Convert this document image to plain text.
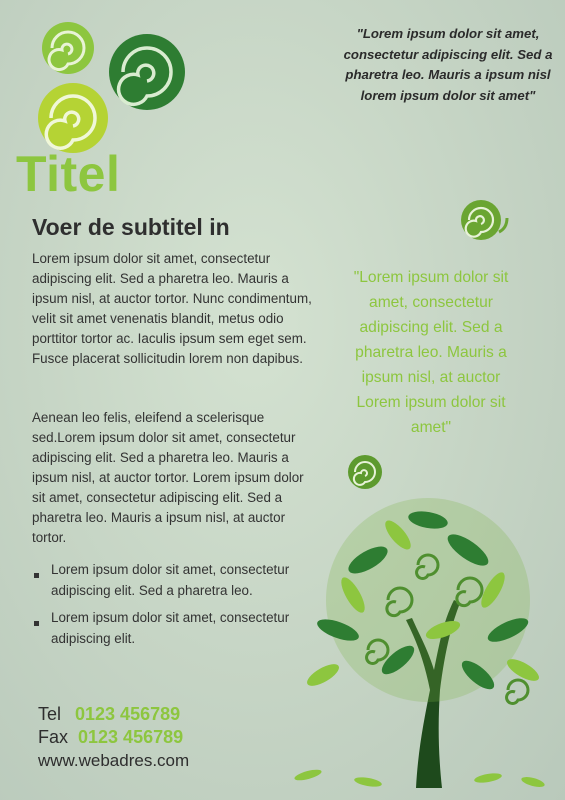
Titel
Voer de subtitel in

Lorem ipsum dolor sit amet, consectetur adipiscing elit. Sed a pharetra leo. Mauris a ipsum nisl, at auctor tortor. Nunc condimentum, velit sit amet venenatis blandit, metus odio porttitor tortor ac. Iaculis ipsum sem eget sem. Fusce placerat sollicitudin lorem non dapibus.

Aenean leo felis, eleifend a scelerisque sed.Lorem ipsum dolor sit amet, consectetur adipiscing elit. Sed a pharetra leo. Mauris a ipsum nisl, at auctor tortor. Lorem ipsum dolor sit amet, consectetur adipiscing elit. Sed a pharetra leo. Mauris a ipsum nisl, at auctor tortor.

Lorem ipsum dolor sit amet, consectetur adipiscing elit. Sed a pharetra leo.
Lorem ipsum dolor sit amet, consectetur adipiscing elit.

"Lorem ipsum dolor sit amet, consectetur adipiscing elit. Sed a pharetra leo. Mauris a ipsum nisl lorem ipsum dolor sit amet"

"Lorem ipsum dolor sit amet, consectetur adipiscing elit. Sed a pharetra leo. Mauris a ipsum nisl, at auctor Lorem ipsum dolor sit amet"

Tel 0123 456789
Fax 0123 456789
www.webadres.com
